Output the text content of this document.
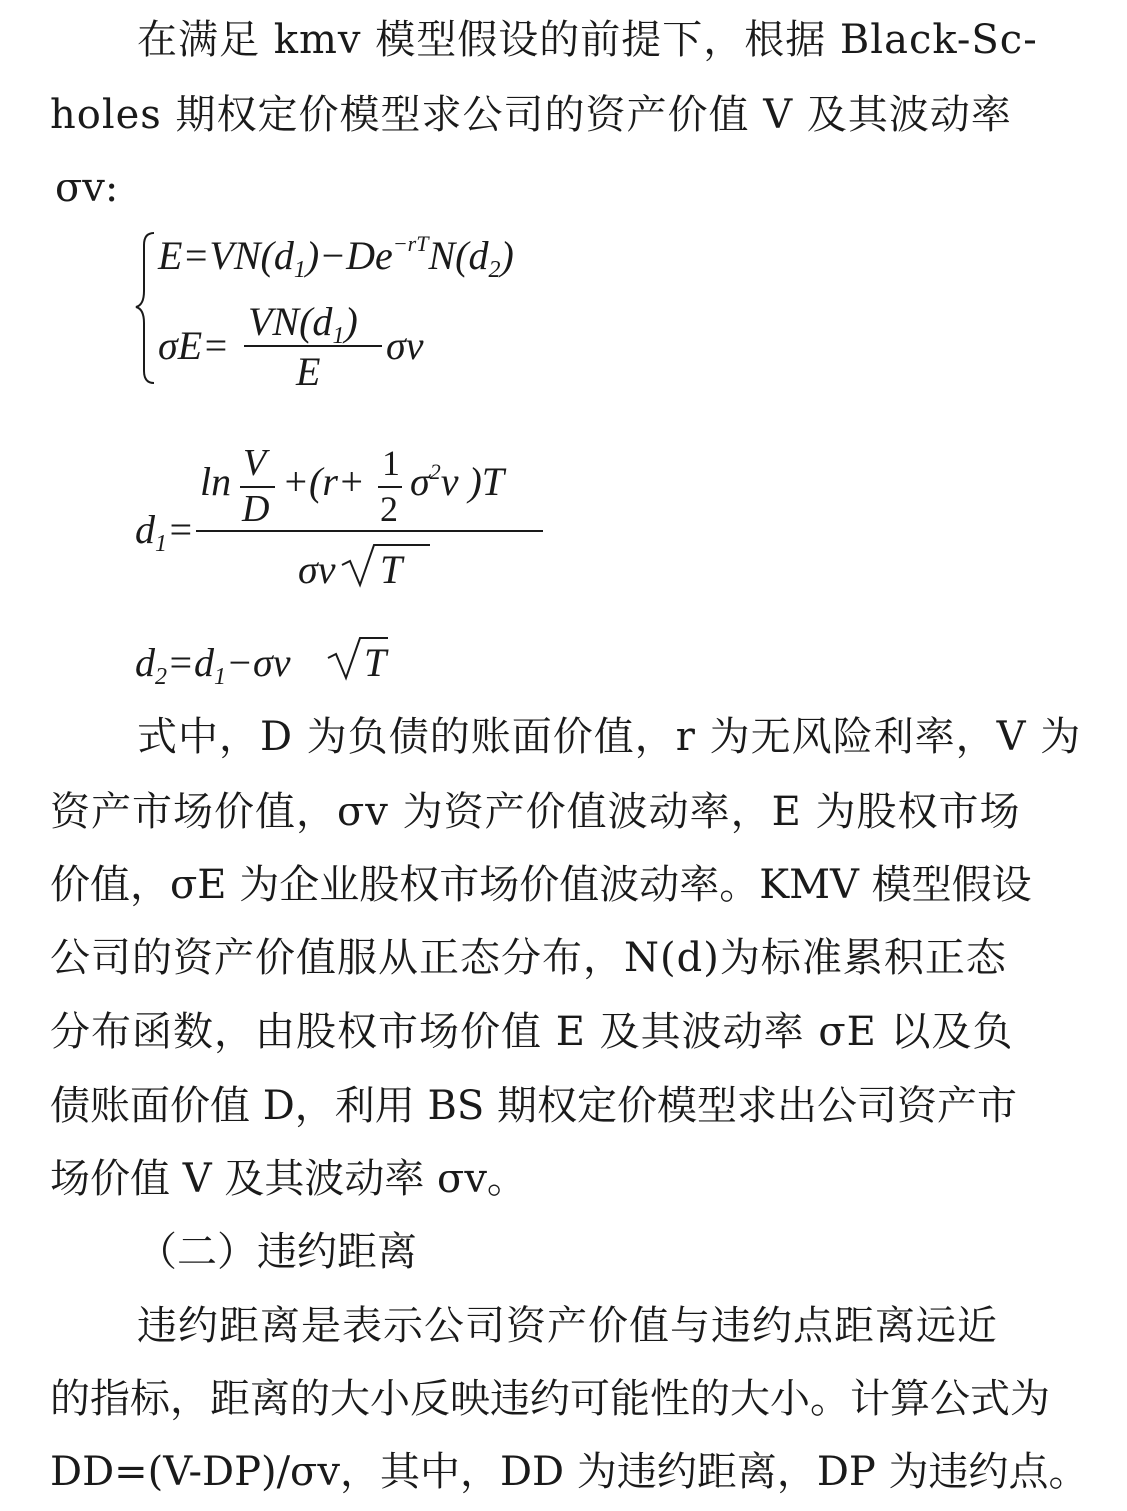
在满足 kmv 模型假设的前提下，根据 Black-Sc-
holes 期权定价模型求公司的资产价值 V 及其波动率
σv:
$E=VN(d_1)-De^{-rT}N(d_2)$
σE=
$VN(d_1)$
E
σv
$d_1=$
ln V
D
+(r+ 1
2
$\sigma^2v$ )T
σv T
$d_2=d_1-\sigma v$ T
式中，D 为负债的账面价值，r 为无风险利率，V 为
资产市场价值，σv 为资产价值波动率，E 为股权市场
价值，σE 为企业股权市场价值波动率。KMV 模型假设
公司的资产价值服从正态分布，N(d)为标准累积正态
分布函数，由股权市场价值 E 及其波动率 σE 以及负
债账面价值 D，利用 BS 期权定价模型求出公司资产市
场价值 V 及其波动率 σv。
（二）违约距离
违约距离是表示公司资产价值与违约点距离远近
的指标，距离的大小反映违约可能性的大小。计算公式为
DD=(V-DP)/σv，其中，DD 为违约距离，DP 为违约点。
